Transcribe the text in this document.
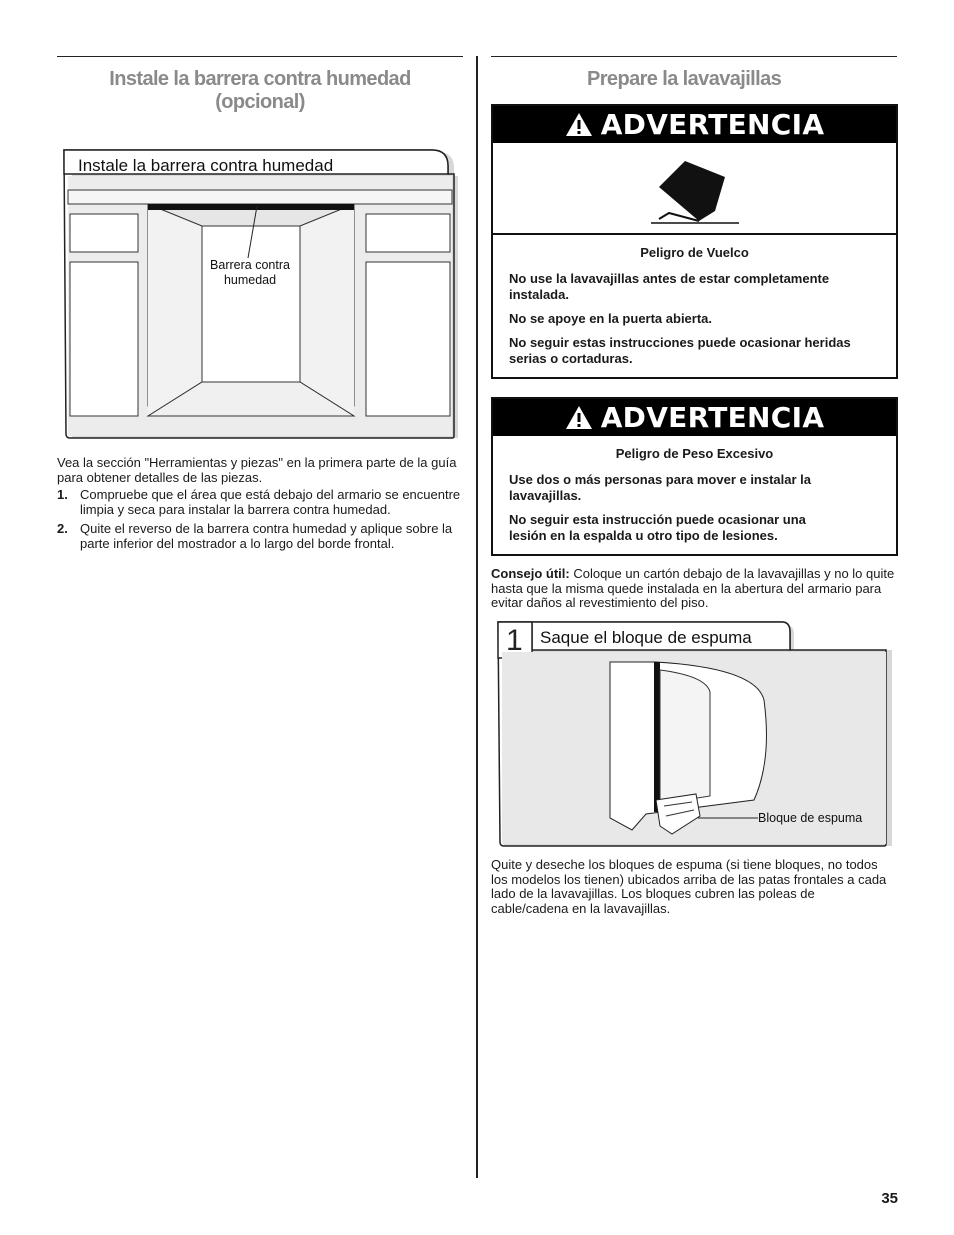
Instale la barrera contra humedad
(opcional)
Instale la barrera contra humedad
Barrera contra
humedad
Vea la sección "Herramientas y piezas" en la primera parte de la guía para obtener detalles de las piezas.
1. Compruebe que el área que está debajo del armario se encuentre limpia y seca para instalar la barrera contra humedad.
2. Quite el reverso de la barrera contra humedad y aplique sobre la parte inferior del mostrador a lo largo del borde frontal.
Prepare la lavavajillas
ADVERTENCIA
Peligro de Vuelco

No use la lavavajillas antes de estar completamente instalada.

No se apoye en la puerta abierta.

No seguir estas instrucciones puede ocasionar heridas serias o cortaduras.

ADVERTENCIA
Peligro de Peso Excesivo

Use dos o más personas para mover e instalar la lavavajillas.

No seguir esta instrucción puede ocasionar una lesión en la espalda u otro tipo de lesiones.

Consejo útil: Coloque un cartón debajo de la lavavajillas y no lo quite hasta que la misma quede instalada en la abertura del armario para evitar daños al revestimiento del piso.
1 Saque el bloque de espuma
Bloque de espuma
Quite y deseche los bloques de espuma (si tiene bloques, no todos los modelos los tienen) ubicados arriba de las patas frontales a cada lado de la lavavajillas. Los bloques cubren las poleas de cable/cadena en la lavavajillas.
35
